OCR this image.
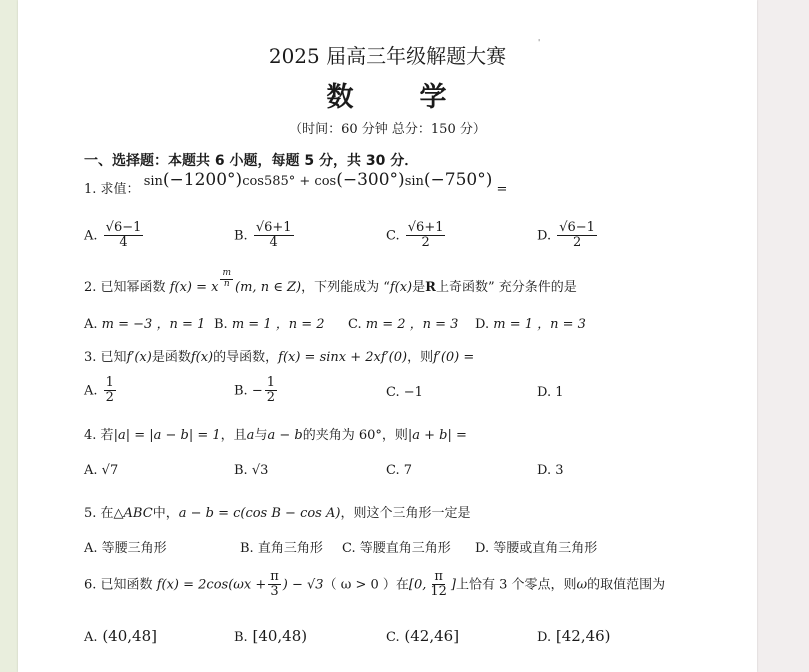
2025 届高三年级解题大赛
'
数 学
（时间：60 分钟 总分：150 分）
一、选择题：本题共 6 小题，每题 5 分，共 30 分．
1. 求值： sin(−1200°)cos585° + cos(−300°)sin(−750°) =
A. $\frac{√6-1}{4}$	B. $\frac{√6+1}{4}$	C. $\frac{√6+1}{2}$	D. $\frac{√6-1}{2}$
2. 已知幂函数 f(x) = x $\frac{m}{n} (m$, n ∈ Z)，下列能成为 “f(x)是R上奇函数” 充分条件的是
A. m = −3 ，n = 1 B. m = 1 ，n = 2 C. m = 2 ，n = 3 D. m = 1 ，n = 3
3. 已知f′(x)是函数f(x)的导函数，f(x) = sinx + 2xf′(0)，则f′(0) =
A. $\frac{1}{2}$	B. − $\frac{1}{2}$	C. −1	D. 1
4. 若|a| = |a − b| = 1，且a与a − b的夹角为 60°，则|a + b| =
A. √7	B. √3	C. 7	D. 3
5. 在△ABC中，a − b = c(cos B − cos A)，则这个三角形一定是
A. 等腰三角形	B. 直角三角形 C. 等腰直角三角形 D. 等腰或直角三角形
6. 已知函数 $f(x) = 2\cos(\omega x + \frac{\pi}{3}$ ) − √3（ ω > 0 ）在[0, $\frac{\pi}{12}$ ]上恰有 3 个零点，则ω的取值范围为
A. (40,48]	B. [40,48)	C. (42,46]	D. [42,46)
